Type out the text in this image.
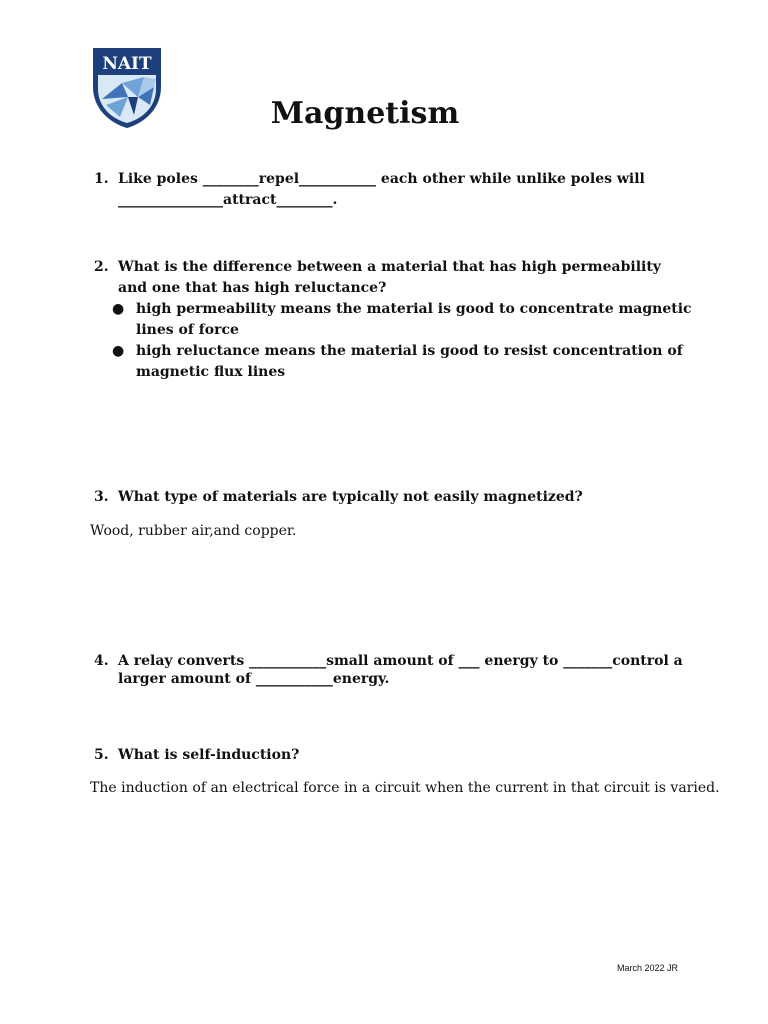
NAIT
Magnetism
1. Like poles ________repel___________ each other while unlike poles will _______________attract________.
2. What is the difference between a material that has high permeability and one that has high reluctance?
● high permeability means the material is good to concentrate magnetic lines of force
● high reluctance means the material is good to resist concentration of magnetic flux lines
3. What type of materials are typically not easily magnetized?
Wood, rubber air,and copper.
4. A relay converts ___________small amount of ___ energy to _______control a larger amount of ___________energy.
5. What is self-induction?
The induction of an electrical force in a circuit when the current in that circuit is varied.
March 2022 JR
